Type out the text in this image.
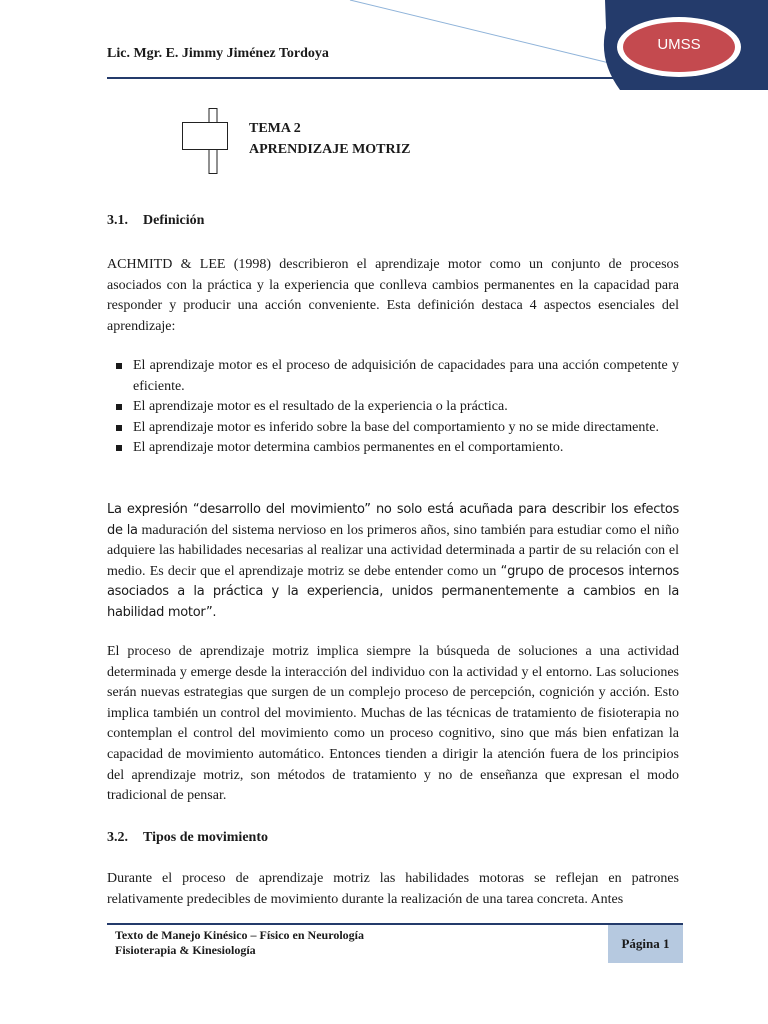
Lic. Mgr. E. Jimmy Jiménez Tordoya
UMSS
TEMA 2
APRENDIZAJE MOTRIZ
3.1. Definición

ACHMITD & LEE (1998) describieron el aprendizaje motor como un conjunto de procesos asociados con la práctica y la experiencia que conlleva cambios permanentes en la capacidad para responder y producir una acción conveniente. Esta definición destaca 4 aspectos esenciales del aprendizaje:

El aprendizaje motor es el proceso de adquisición de capacidades para una acción competente y eficiente.
El aprendizaje motor es el resultado de la experiencia o la práctica.
El aprendizaje motor es inferido sobre la base del comportamiento y no se mide directamente.
El aprendizaje motor determina cambios permanentes en el comportamiento.

La expresión “desarrollo del movimiento” no solo está acuñada para describir los efectos de la maduración del sistema nervioso en los primeros años, sino también para estudiar como el niño adquiere las habilidades necesarias al realizar una actividad determinada a partir de su relación con el medio. Es decir que el aprendizaje motriz se debe entender como un “grupo de procesos internos asociados a la práctica y la experiencia, unidos permanentemente a cambios en la habilidad motor”.

El proceso de aprendizaje motriz implica siempre la búsqueda de soluciones a una actividad determinada y emerge desde la interacción del individuo con la actividad y el entorno. Las soluciones serán nuevas estrategias que surgen de un complejo proceso de percepción, cognición y acción. Esto implica también un control del movimiento. Muchas de las técnicas de tratamiento de fisioterapia no contemplan el control del movimiento como un proceso cognitivo, sino que más bien enfatizan la capacidad de movimiento automático. Entonces tienden a dirigir la atención fuera de los principios del aprendizaje motriz, son métodos de tratamiento y no de enseñanza que expresan el modo tradicional de pensar.

3.2. Tipos de movimiento

Durante el proceso de aprendizaje motriz las habilidades motoras se reflejan en patrones relativamente predecibles de movimiento durante la realización de una tarea concreta. Antes

Texto de Manejo Kinésico – Físico en Neurología
Fisioterapia & Kinesiología	Página 1
